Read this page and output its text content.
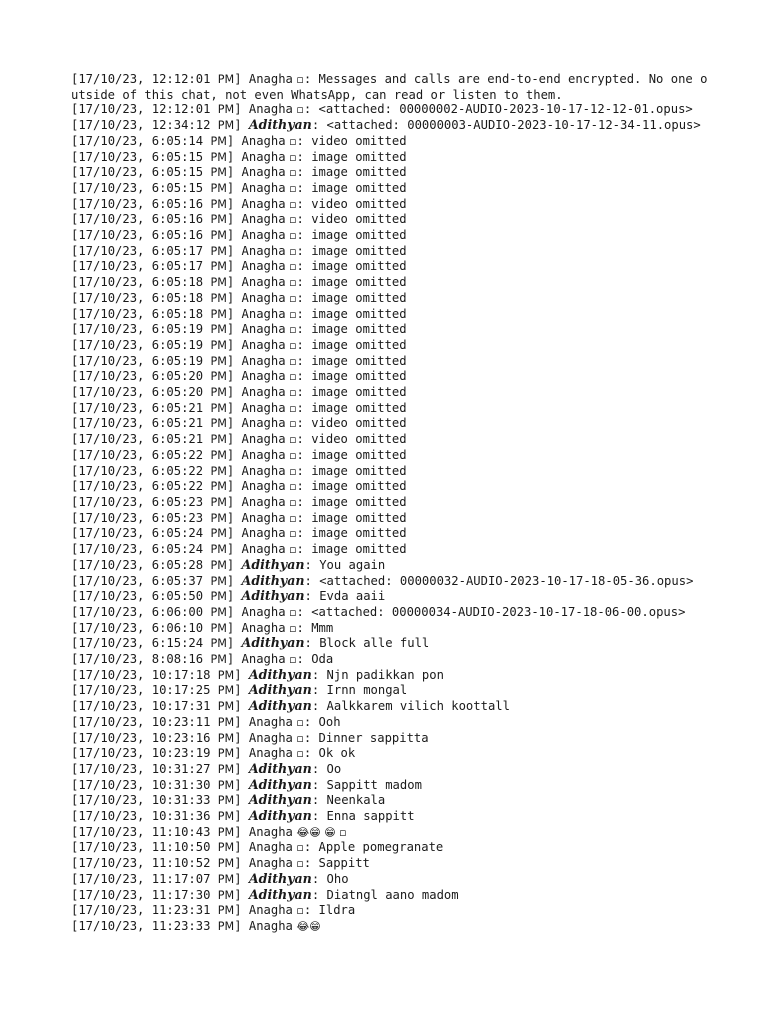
[17/10/23, 12:12:01 PM] Anagha ▫: Messages and calls are end-to-end encrypted. No one outside of this chat, not even WhatsApp, can read or listen to them.
[17/10/23, 12:12:01 PM] Anagha ▫: <attached: 00000002-AUDIO-2023-10-17-12-12-01.opus>
[17/10/23, 12:34:12 PM] Adithyan: <attached: 00000003-AUDIO-2023-10-17-12-34-11.opus>
[17/10/23, 6:05:14 PM] Anagha ▫: video omitted
[17/10/23, 6:05:15 PM] Anagha ▫: image omitted
[17/10/23, 6:05:15 PM] Anagha ▫: image omitted
[17/10/23, 6:05:15 PM] Anagha ▫: image omitted
[17/10/23, 6:05:16 PM] Anagha ▫: video omitted
[17/10/23, 6:05:16 PM] Anagha ▫: video omitted
[17/10/23, 6:05:16 PM] Anagha ▫: image omitted
[17/10/23, 6:05:17 PM] Anagha ▫: image omitted
[17/10/23, 6:05:17 PM] Anagha ▫: image omitted
[17/10/23, 6:05:18 PM] Anagha ▫: image omitted
[17/10/23, 6:05:18 PM] Anagha ▫: image omitted
[17/10/23, 6:05:18 PM] Anagha ▫: image omitted
[17/10/23, 6:05:19 PM] Anagha ▫: image omitted
[17/10/23, 6:05:19 PM] Anagha ▫: image omitted
[17/10/23, 6:05:19 PM] Anagha ▫: image omitted
[17/10/23, 6:05:20 PM] Anagha ▫: image omitted
[17/10/23, 6:05:20 PM] Anagha ▫: image omitted
[17/10/23, 6:05:21 PM] Anagha ▫: image omitted
[17/10/23, 6:05:21 PM] Anagha ▫: video omitted
[17/10/23, 6:05:21 PM] Anagha ▫: video omitted
[17/10/23, 6:05:22 PM] Anagha ▫: image omitted
[17/10/23, 6:05:22 PM] Anagha ▫: image omitted
[17/10/23, 6:05:22 PM] Anagha ▫: image omitted
[17/10/23, 6:05:23 PM] Anagha ▫: image omitted
[17/10/23, 6:05:23 PM] Anagha ▫: image omitted
[17/10/23, 6:05:24 PM] Anagha ▫: image omitted
[17/10/23, 6:05:24 PM] Anagha ▫: image omitted
[17/10/23, 6:05:28 PM] Adithyan: You again
[17/10/23, 6:05:37 PM] Adithyan: <attached: 00000032-AUDIO-2023-10-17-18-05-36.opus>
[17/10/23, 6:05:50 PM] Adithyan: Evda aaii
[17/10/23, 6:06:00 PM] Anagha ▫: <attached: 00000034-AUDIO-2023-10-17-18-06-00.opus>
[17/10/23, 6:06:10 PM] Anagha ▫: Mmm
[17/10/23, 6:15:24 PM] Adithyan: Block alle full
[17/10/23, 8:08:16 PM] Anagha ▫: Oda
[17/10/23, 10:17:18 PM] Adithyan: Njn padikkan pon
[17/10/23, 10:17:25 PM] Adithyan: Irnn mongal
[17/10/23, 10:17:31 PM] Adithyan: Aalkkarem vilich koottall
[17/10/23, 10:23:11 PM] Anagha ▫: Ooh
[17/10/23, 10:23:16 PM] Anagha ▫: Dinner sappitta
[17/10/23, 10:23:19 PM] Anagha ▫: Ok ok
[17/10/23, 10:31:27 PM] Adithyan: Oo
[17/10/23, 10:31:30 PM] Adithyan: Sappitt madom
[17/10/23, 10:31:33 PM] Adithyan: Neenkala
[17/10/23, 10:31:36 PM] Adithyan: Enna sappitt
[17/10/23, 11:10:43 PM] Anagha 😂😁 😁 ▫
[17/10/23, 11:10:50 PM] Anagha ▫: Apple pomegranate
[17/10/23, 11:10:52 PM] Anagha ▫: Sappitt
[17/10/23, 11:17:07 PM] Adithyan: Oho
[17/10/23, 11:17:30 PM] Adithyan: Diatngl aano madom
[17/10/23, 11:23:31 PM] Anagha ▫: Ildra
[17/10/23, 11:23:33 PM] Anagha 😂😁
